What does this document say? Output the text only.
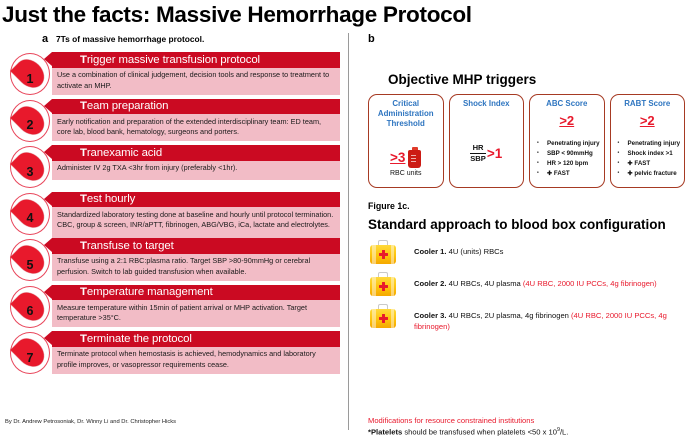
Just the facts: Massive Hemorrhage Protocol
a 7Ts of massive hemorrhage protocol.
1
Trigger massive transfusion protocol

Use a combination of clinical judgement, decision tools and response to treatment to activate an MHP.

2
Team preparation

Early notification and preparation of the extended interdisciplinary team: ED team, core lab, blood bank, hematology, surgeons and porters.

3
Tranexamic acid

Administer IV 2g TXA <3hr from injury (preferably <1hr).

4
Test hourly

Standardized laboratory testing done at baseline and hourly until protocol termination. CBC, group & screen, INR/aPTT, fibrinogen, ABG/VBG, iCa, lactate and electrolytes.

5
Transfuse to target

Transfuse using a 2:1 RBC:plasma ratio. Target SBP >80-90mmHg or cerebral perfusion. Switch to lab guided transfusion when available.

6
Temperature management

Measure temperature within 15min of patient arrival or MHP activation. Target temperature >35°C.

7
Terminate the protocol

Terminate protocol when hemostasis is achieved, hemodynamics and laboratory profile improves, or vasopressor requirements cease.

By Dr. Andrew Petrosoniak, Dr. Winny Li and Dr. Christopher Hicks
b
Objective MHP triggers
Critical Administration Threshold
>3
RBC units
Shock Index
$\frac{HR}{\text{SBP}} >1$
ABC Score
>2
• Penetrating injury
• SBP < 90mmHg
• HR > 120 bpm
• ✚ FAST
RABT Score
>2
• Penetrating injury
• Shock index >1
• ✚ FAST
• ✚ pelvic fracture
Figure 1c.
Standard approach to blood box configuration
Cooler 1. 4U (units) RBCs
Cooler 2. 4U RBCs, 4U plasma (4U RBC, 2000 IU PCCs, 4g fibrinogen)
Cooler 3. 4U RBCs, 2U plasma, 4g fibrinogen (4U RBC, 2000 IU PCCs, 4g fibrinogen)
Modifications for resource constrained institutions
*Platelets should be transfused when platelets <50 x $10^9/L$.
